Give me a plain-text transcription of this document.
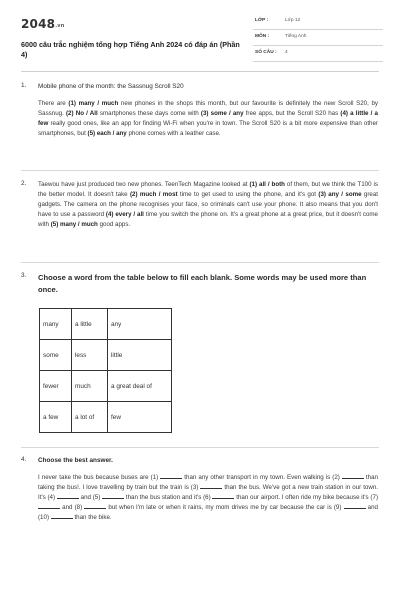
$2048^{.vn}$
6000 câu trắc nghiệm tổng hợp Tiếng Anh 2024 có đáp án (Phần 4)
LỚP :	Lớp 12
MÔN :	Tiếng Anh
SỐ CÂU : 4
1. Mobile phone of the month: the Sassnug Scroll S20
There are (1) many / much new phones in the shops this month, but our favourite is definitely the new Scroll S20, by Sassnug. (2) No / All smartphones these days come with (3) some / any free apps, but the Scroll S20 has (4) a little / a few really good ones, like an app for finding Wi-Fi when you're in town. The Scroll S20 is a bit more expensive than other smartphones, but (5) each / any phone comes with a leather case.
2. Taewou have just produced two new phones. TeenTech Magazine looked at (1) all / both of them, but we think the T100 is the better model. It doesn't take (2) much / most time to get used to using the phone, and it's got (3) any / some great gadgets. The camera on the phone recognises your face, so criminals can't use your phone. It also means that you don't have to use a password (4) every / all time you switch the phone on. It's a great phone at a great price, but it doesn't come with (5) many / much good apps.
3. Choose a word from the table below to fill each blank. Some words may be used more than once.
many	a little	any
some	less	little
fewer	much	a great deal of
a few	a lot of	few
4. Choose the best answer.
I never take the bus because buses are (1)	than any other transport in my town. Even walking is (2)	than taking the bus!. I love travelling by train but the train is (3)	than the bus. We've got a new train station in our town. It's (4)	and (5)	than the bus station and it's (6)	than our airport. I often ride my bike because it's (7)  and (8)	but when I'm late or when it rains, my mom drives me by car because the car is (9)	and (10)	than the bike.
